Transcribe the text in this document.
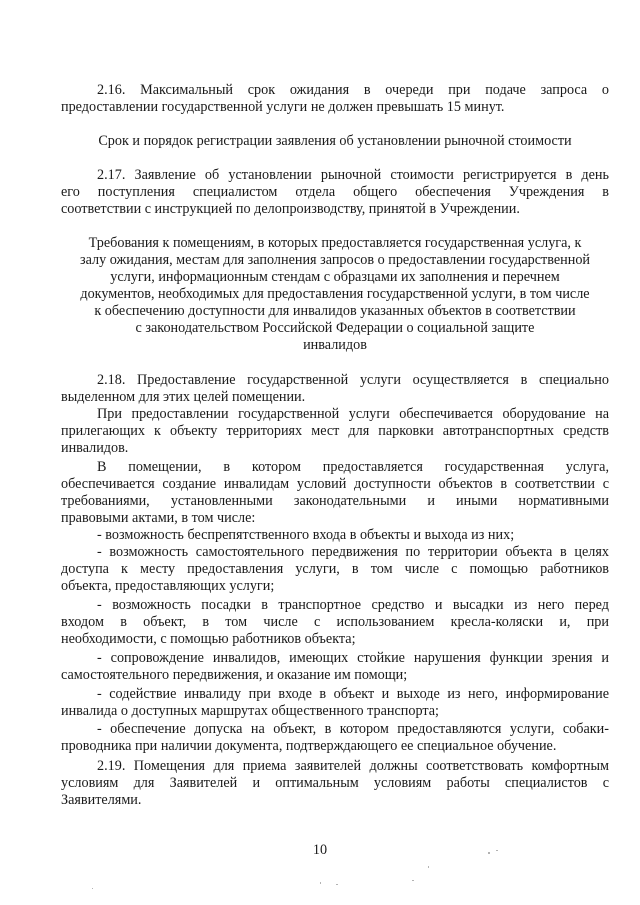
2.16. Максимальный срок ожидания в очереди при подаче запроса о
предоставлении государственной услуги не должен превышать 15 минут.
Срок и порядок регистрации заявления об установлении рыночной стоимости
2.17. Заявление об установлении рыночной стоимости регистрируется в день
его поступления специалистом отдела общего обеспечения Учреждения в
соответствии с инструкцией по делопроизводству, принятой в Учреждении.
Требования к помещениям, в которых предоставляется государственная услуга, к
залу ожидания, местам для заполнения запросов о предоставлении государственной
услуги, информационным стендам с образцами их заполнения и перечнем
документов, необходимых для предоставления государственной услуги, в том числе
к обеспечению доступности для инвалидов указанных объектов в соответствии
с законодательством Российской Федерации о социальной защите
инвалидов
2.18. Предоставление государственной услуги осуществляется в специально
выделенном для этих целей помещении.
При предоставлении государственной услуги обеспечивается оборудование на
прилегающих к объекту территориях мест для парковки автотранспортных средств
инвалидов.
В помещении, в котором предоставляется государственная услуга,
обеспечивается создание инвалидам условий доступности объектов в соответствии с
требованиями, установленными законодательными и иными нормативными
правовыми актами, в том числе:
- возможность беспрепятственного входа в объекты и выхода из них;
- возможность самостоятельного передвижения по территории объекта в целях
доступа к месту предоставления услуги, в том числе с помощью работников
объекта, предоставляющих услуги;
- возможность посадки в транспортное средство и высадки из него перед
входом в объект, в том числе с использованием кресла-коляски и, при
необходимости, с помощью работников объекта;
- сопровождение инвалидов, имеющих стойкие нарушения функции зрения и
самостоятельного передвижения, и оказание им помощи;
- содействие инвалиду при входе в объект и выходе из него, информирование
инвалида о доступных маршрутах общественного транспорта;
- обеспечение допуска на объект, в котором предоставляются услуги, собаки-
проводника при наличии документа, подтверждающего ее специальное обучение.
2.19. Помещения для приема заявителей должны соответствовать комфортным
условиям для Заявителей и оптимальным условиям работы специалистов с
Заявителями.
10
